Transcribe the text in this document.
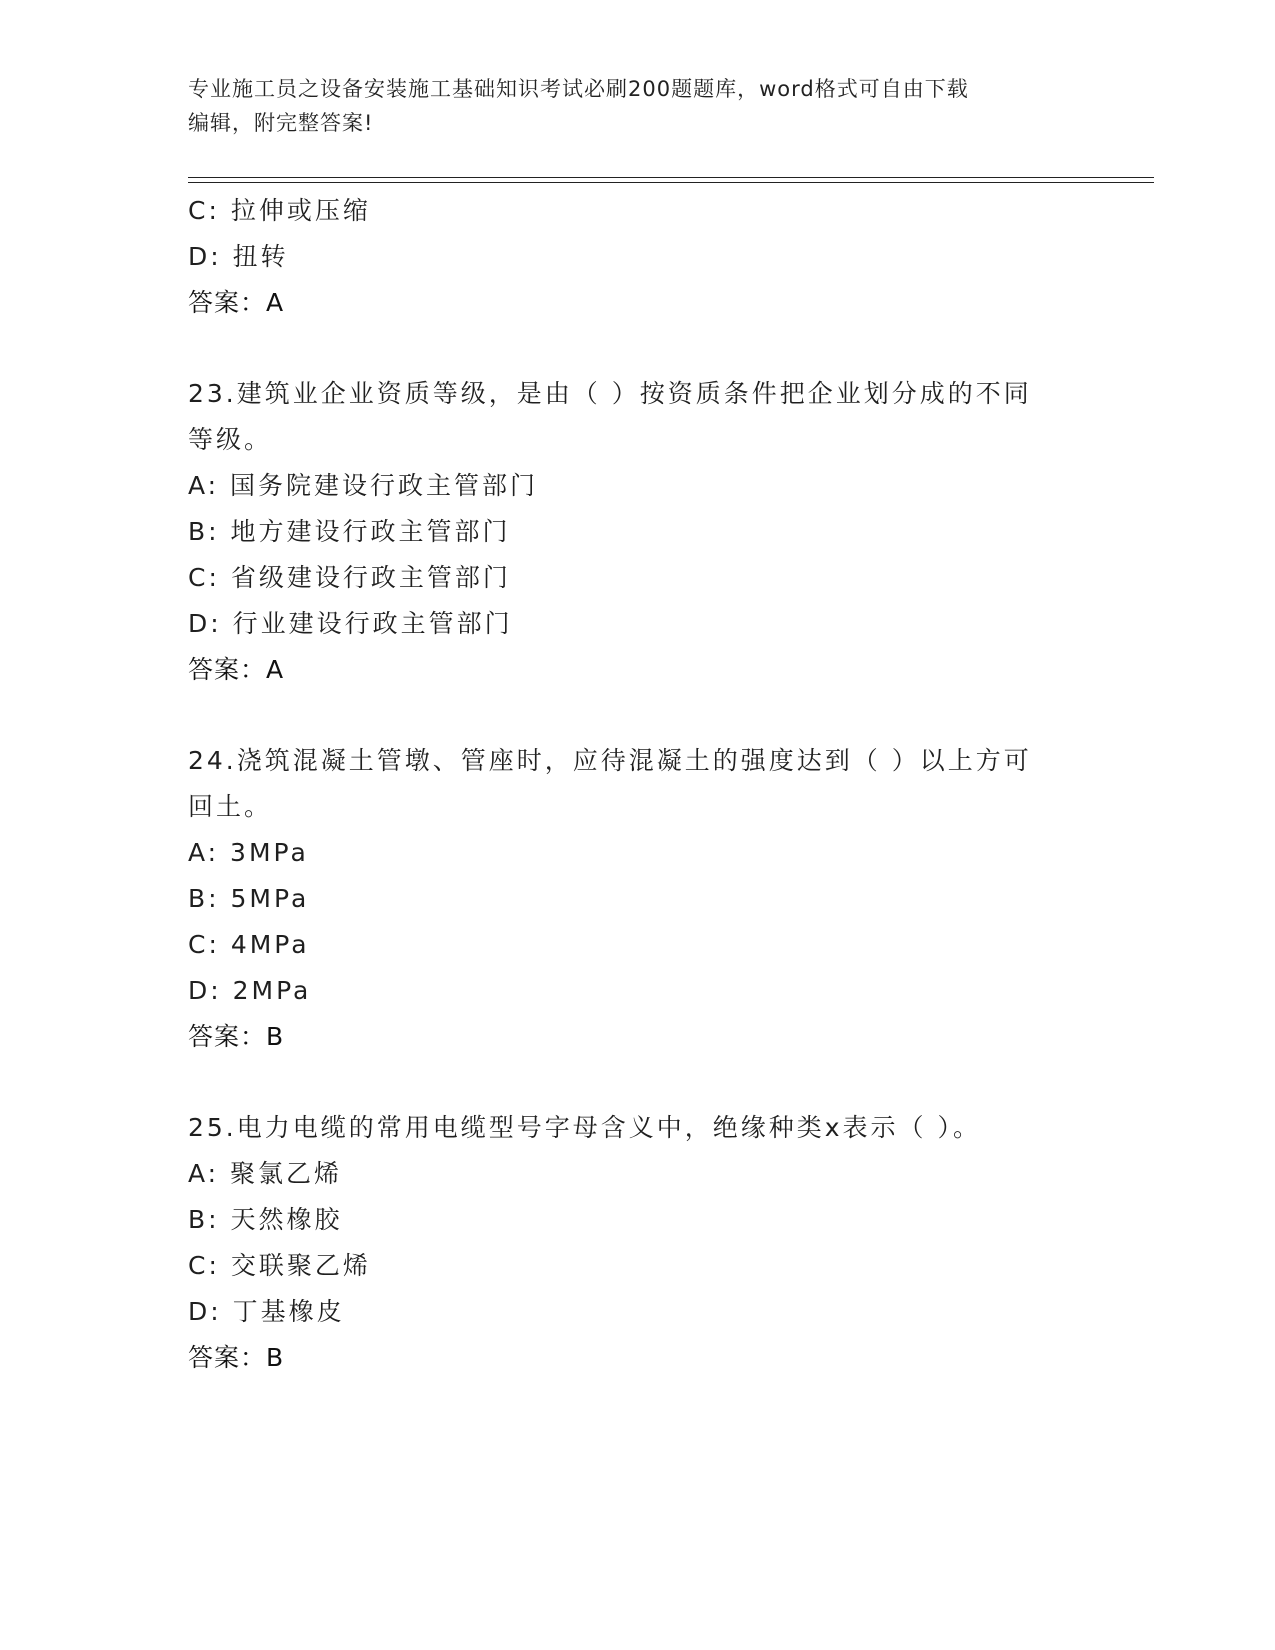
专业施工员之设备安装施工基础知识考试必刷200题题库，word格式可自由下载
编辑，附完整答案!
C: 拉伸或压缩
D: 扭转
答案：A
23.建筑业企业资质等级，是由（ ）按资质条件把企业划分成的不同
等级。
A: 国务院建设行政主管部门
B: 地方建设行政主管部门
C: 省级建设行政主管部门
D: 行业建设行政主管部门
答案：A
24.浇筑混凝土管墩、管座时，应待混凝土的强度达到（ ）以上方可
回土。
A: 3MPa
B: 5MPa
C: 4MPa
D: 2MPa
答案：B
25.电力电缆的常用电缆型号字母含义中，绝缘种类x表示（ ）。
A: 聚氯乙烯
B: 天然橡胶
C: 交联聚乙烯
D: 丁基橡皮
答案：B
